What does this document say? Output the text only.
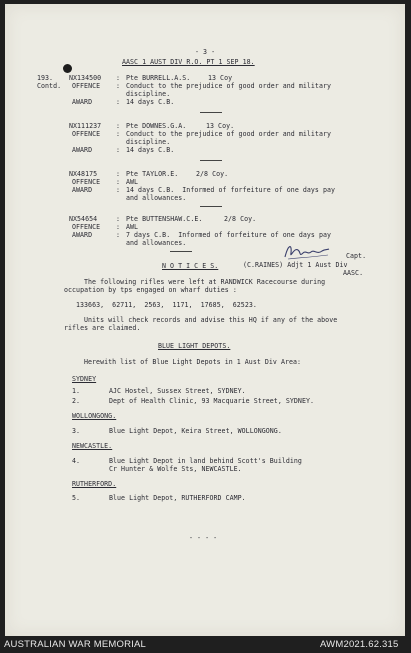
- 3 -
AASC 1 AUST DIV R.O. PT 1 SEP 18.
193.
Contd.
NX134500 : Pte BURRELL.A.S.	13 Coy
OFFENCE : Conduct to the prejudice of good order and military
discipline.
AWARD	: 14 days C.B.
NX111237 : Pte DOWNES.G.A.	13 Coy.
OFFENCE : Conduct to the prejudice of good order and military
discipline.
AWARD	: 14 days C.B.
NX48175	: Pte TAYLOR.E.	2/8 Coy.
OFFENCE : AWL
AWARD	: 14 days C.B.  Informed of forfeiture of one days pay
and allowances.
NX54654	: Pte BUTTENSHAW.C.E.	2/8 Coy.
OFFENCE : AWL
AWARD	: 7 days C.B.  Informed of forfeiture of one days pay
and allowances.
Capt.
(C.RAINES) Adjt 1 Aust Div
AASC.
N O T I C E S.
The following rifles were left at RANDWICK Racecourse during
occupation by tps engaged on wharf duties :
133663,  62711,  2563,  1171,  17685,  62523.
Units will check records and advise this HQ if any of the above
rifles are claimed.
BLUE LIGHT DEPOTS.
Herewith list of Blue Light Depots in 1 Aust Div Area:
SYDNEY
1.	AJC Hostel, Sussex Street, SYDNEY.
2.	Dept of Health Clinic, 93 Macquarie Street, SYDNEY.
WOLLONGONG.
3.	Blue Light Depot, Keira Street, WOLLONGONG.
NEWCASTLE.
4.	Blue Light Depot in land behind Scott's Building
Cr Hunter & Wolfe Sts, NEWCASTLE.
RUTHERFORD.
5.	Blue Light Depot, RUTHERFORD CAMP.
- - - -
AUSTRALIAN WAR MEMORIAL	AWM2021.62.315
